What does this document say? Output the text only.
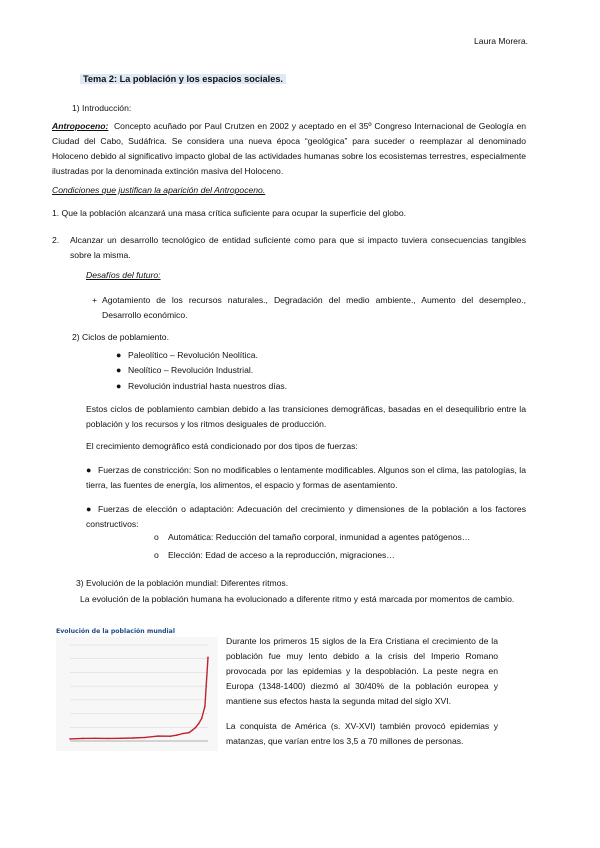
Laura Morera.
Tema 2: La población y los espacios sociales.
1) Introducción:
Antropoceno: Concepto acuñado por Paul Crutzen en 2002 y aceptado en el 35º Congreso Internacional de Geología en Ciudad del Cabo, Sudáfrica. Se considera una nueva época “geológica” para suceder o reemplazar al denominado Holoceno debido al significativo impacto global de las actividades humanas sobre los ecosistemas terrestres, especialmente ilustradas por la denominada extinción masiva del Holoceno.
Condiciones que justifican la aparición del Antropoceno.
1. Que la población alcanzará una masa crítica suficiente para ocupar la superficie del globo.
2. Alcanzar un desarrollo tecnológico de entidad suficiente como para que si impacto tuviera consecuencias tangibles sobre la misma.
Desafíos del futuro:
+ Agotamiento de los recursos naturales., Degradación del medio ambiente., Aumento del desempleo., Desarrollo económico.
2) Ciclos de poblamiento.
● Paleolítico – Revolución Neolítica.
● Neolítico – Revolución Industrial.
● Revolución industrial hasta nuestros días.
Estos ciclos de poblamiento cambian debido a las transiciones demográficas, basadas en el desequilibrio entre la población y los recursos y los ritmos desiguales de producción.
El crecimiento demográfico está condicionado por dos tipos de fuerzas:
● Fuerzas de constricción: Son no modificables o lentamente modificables. Algunos son el clima, las patologías, la tierra, las fuentes de energía, los alimentos, el espacio y formas de asentamiento.
● Fuerzas de elección o adaptación: Adecuación del crecimiento y dimensiones de la población a los factores constructivos:
o Automática: Reducción del tamaño corporal, inmunidad a agentes patógenos…
o Elección: Edad de acceso a la reproducción, migraciones…
3) Evolución de la población mundial: Diferentes ritmos.
La evolución de la población humana ha evolucionado a diferente ritmo y está marcada por momentos de cambio.
Evolución de la población mundial
Durante los primeros 15 siglos de la Era Cristiana el crecimiento de la población fue muy lento debido a la crisis del Imperio Romano provocada por las epidemias y la despoblación. La peste negra en Europa (1348-1400) diezmó al 30/40% de la población europea y mantiene sus efectos hasta la segunda mitad del siglo XVI.
La conquista de América (s. XV-XVI) también provocó epidemias y matanzas, que varían entre los 3,5 a 70 millones de personas.
